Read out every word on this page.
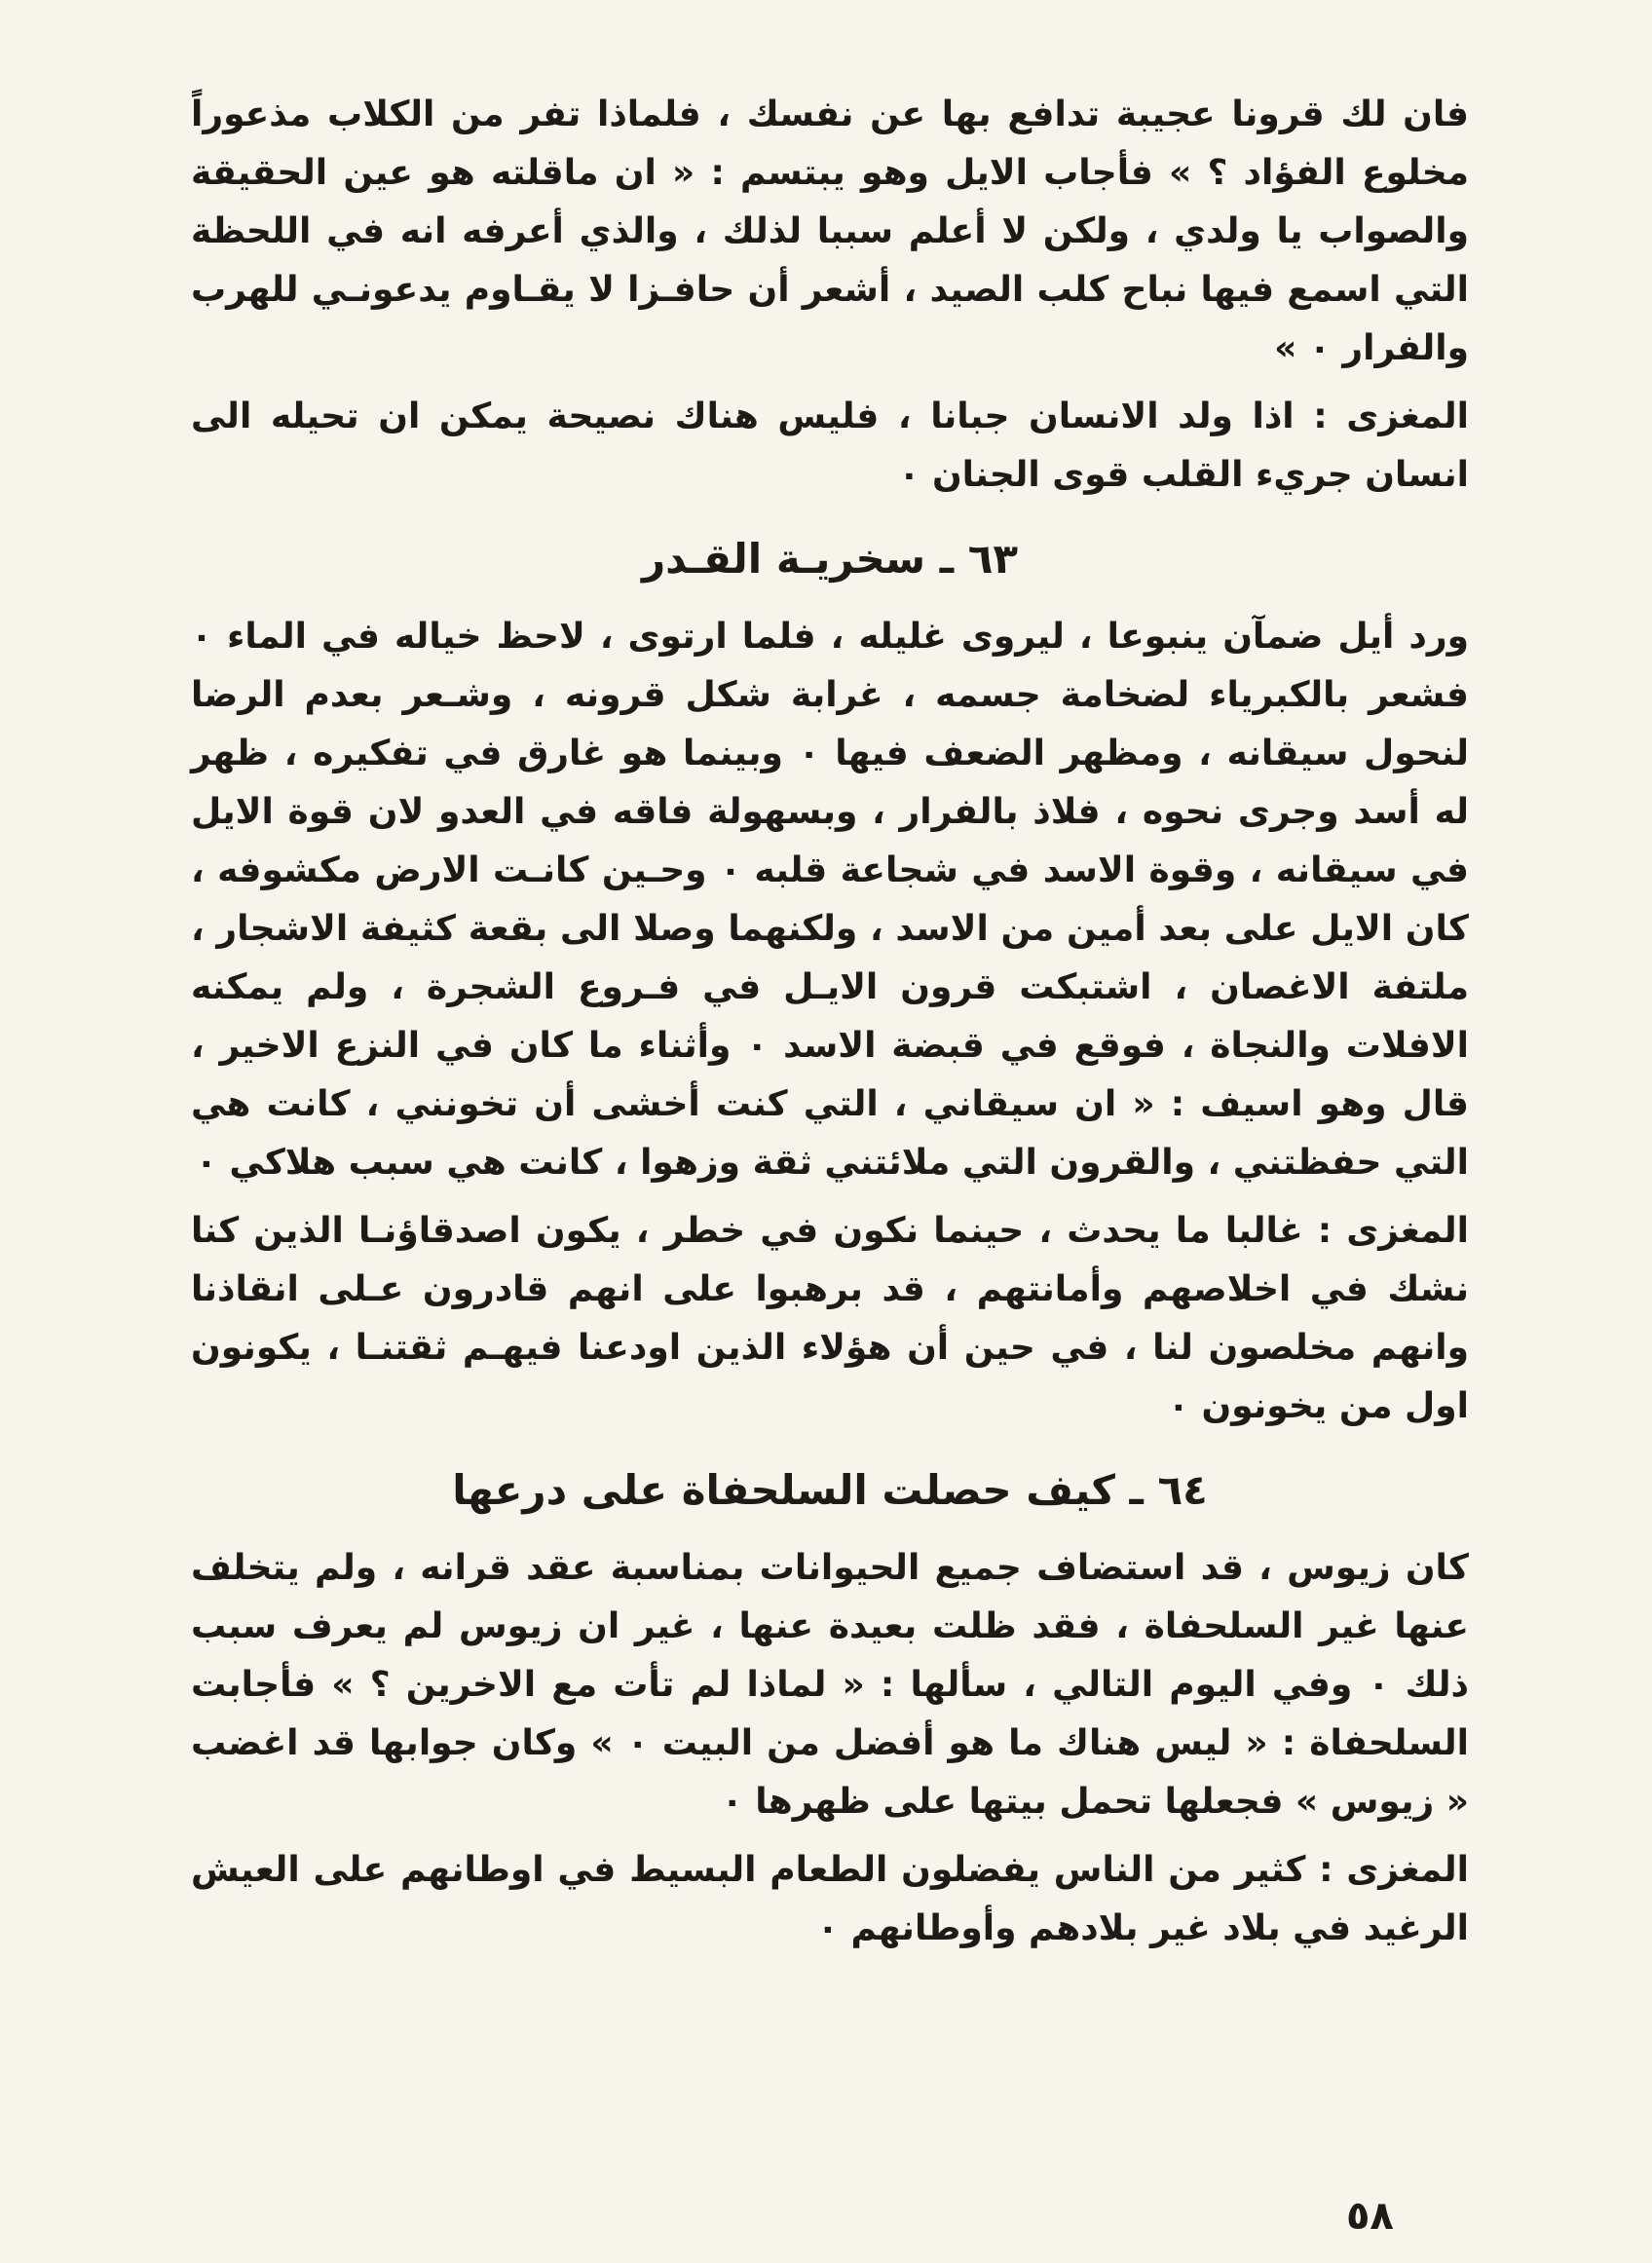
فان لك قرونا عجيبة تدافع بها عن نفسك ، فلماذا تفر من الكلاب مذعوراً مخلوع الفؤاد ؟ » فأجاب الايل وهو يبتسم : « ان ماقلته هو عين الحقيقة والصواب يا ولدي ، ولكن لا أعلم سببا لذلك ، والذي أعرفه انه في اللحظة التي اسمع فيها نباح كلب الصيد ، أشعر أن حافـزا لا يقـاوم يدعونـي للهرب والفرار ٠ »

المغزى : اذا ولد الانسان جبانا ، فليس هناك نصيحة يمكن ان تحيله الى انسان جريء القلب قوى الجنان ٠

٦٣ ـ سخريـة القـدر

ورد أيل ضمآن ينبوعا ، ليروى غليله ، فلما ارتوى ، لاحظ خياله في الماء ٠ فشعر بالكبرياء لضخامة جسمه ، غرابة شكل قرونه ، وشـعر بعدم الرضا لنحول سيقانه ، ومظهر الضعف فيها ٠ وبينما هو غارق في تفكيره ، ظهر له أسد وجرى نحوه ، فلاذ بالفرار ، وبسهولة فاقه في العدو لان قوة الايل في سيقانه ، وقوة الاسد في شجاعة قلبه ٠ وحـين كانـت الارض مكشوفه ، كان الايل على بعد أمين من الاسد ، ولكنهما وصلا الى بقعة كثيفة الاشجار ، ملتفة الاغصان ، اشتبكت قرون الايـل في فـروع الشجرة ، ولم يمكنه الافلات والنجاة ، فوقع في قبضة الاسد ٠ وأثناء ما كان في النزع الاخير ، قال وهو اسيف : « ان سيقاني ، التي كنت أخشى أن تخونني ، كانت هي التي حفظتني ، والقرون التي ملائتني ثقة وزهوا ، كانت هي سبب هلاكي ٠

المغزى : غالبا ما يحدث ، حينما نكون في خطر ، يكون اصدقاؤنـا الذين كنا نشك في اخلاصهم وأمانتهم ، قد برهبوا على انهم قادرون عـلى انقاذنا وانهم مخلصون لنا ، في حين أن هؤلاء الذين اودعنا فيهـم ثقتنـا ، يكونون اول من يخونون ٠

٦٤ ـ كيف حصلت السلحفاة على درعها

كان زيوس ، قد استضاف جميع الحيوانات بمناسبة عقد قرانه ، ولم يتخلف عنها غير السلحفاة ، فقد ظلت بعيدة عنها ، غير ان زيوس لم يعرف سبب ذلك ٠ وفي اليوم التالي ، سألها : « لماذا لم تأت مع الاخرين ؟ » فأجابت السلحفاة : « ليس هناك ما هو أفضل من البيت ٠ » وكان جوابها قد اغضب « زيوس » فجعلها تحمل بيتها على ظهرها ٠

المغزى : كثير من الناس يفضلون الطعام البسيط في اوطانهم على العيش الرغيد في بلاد غير بلادهم وأوطانهم ٠

٥٨
